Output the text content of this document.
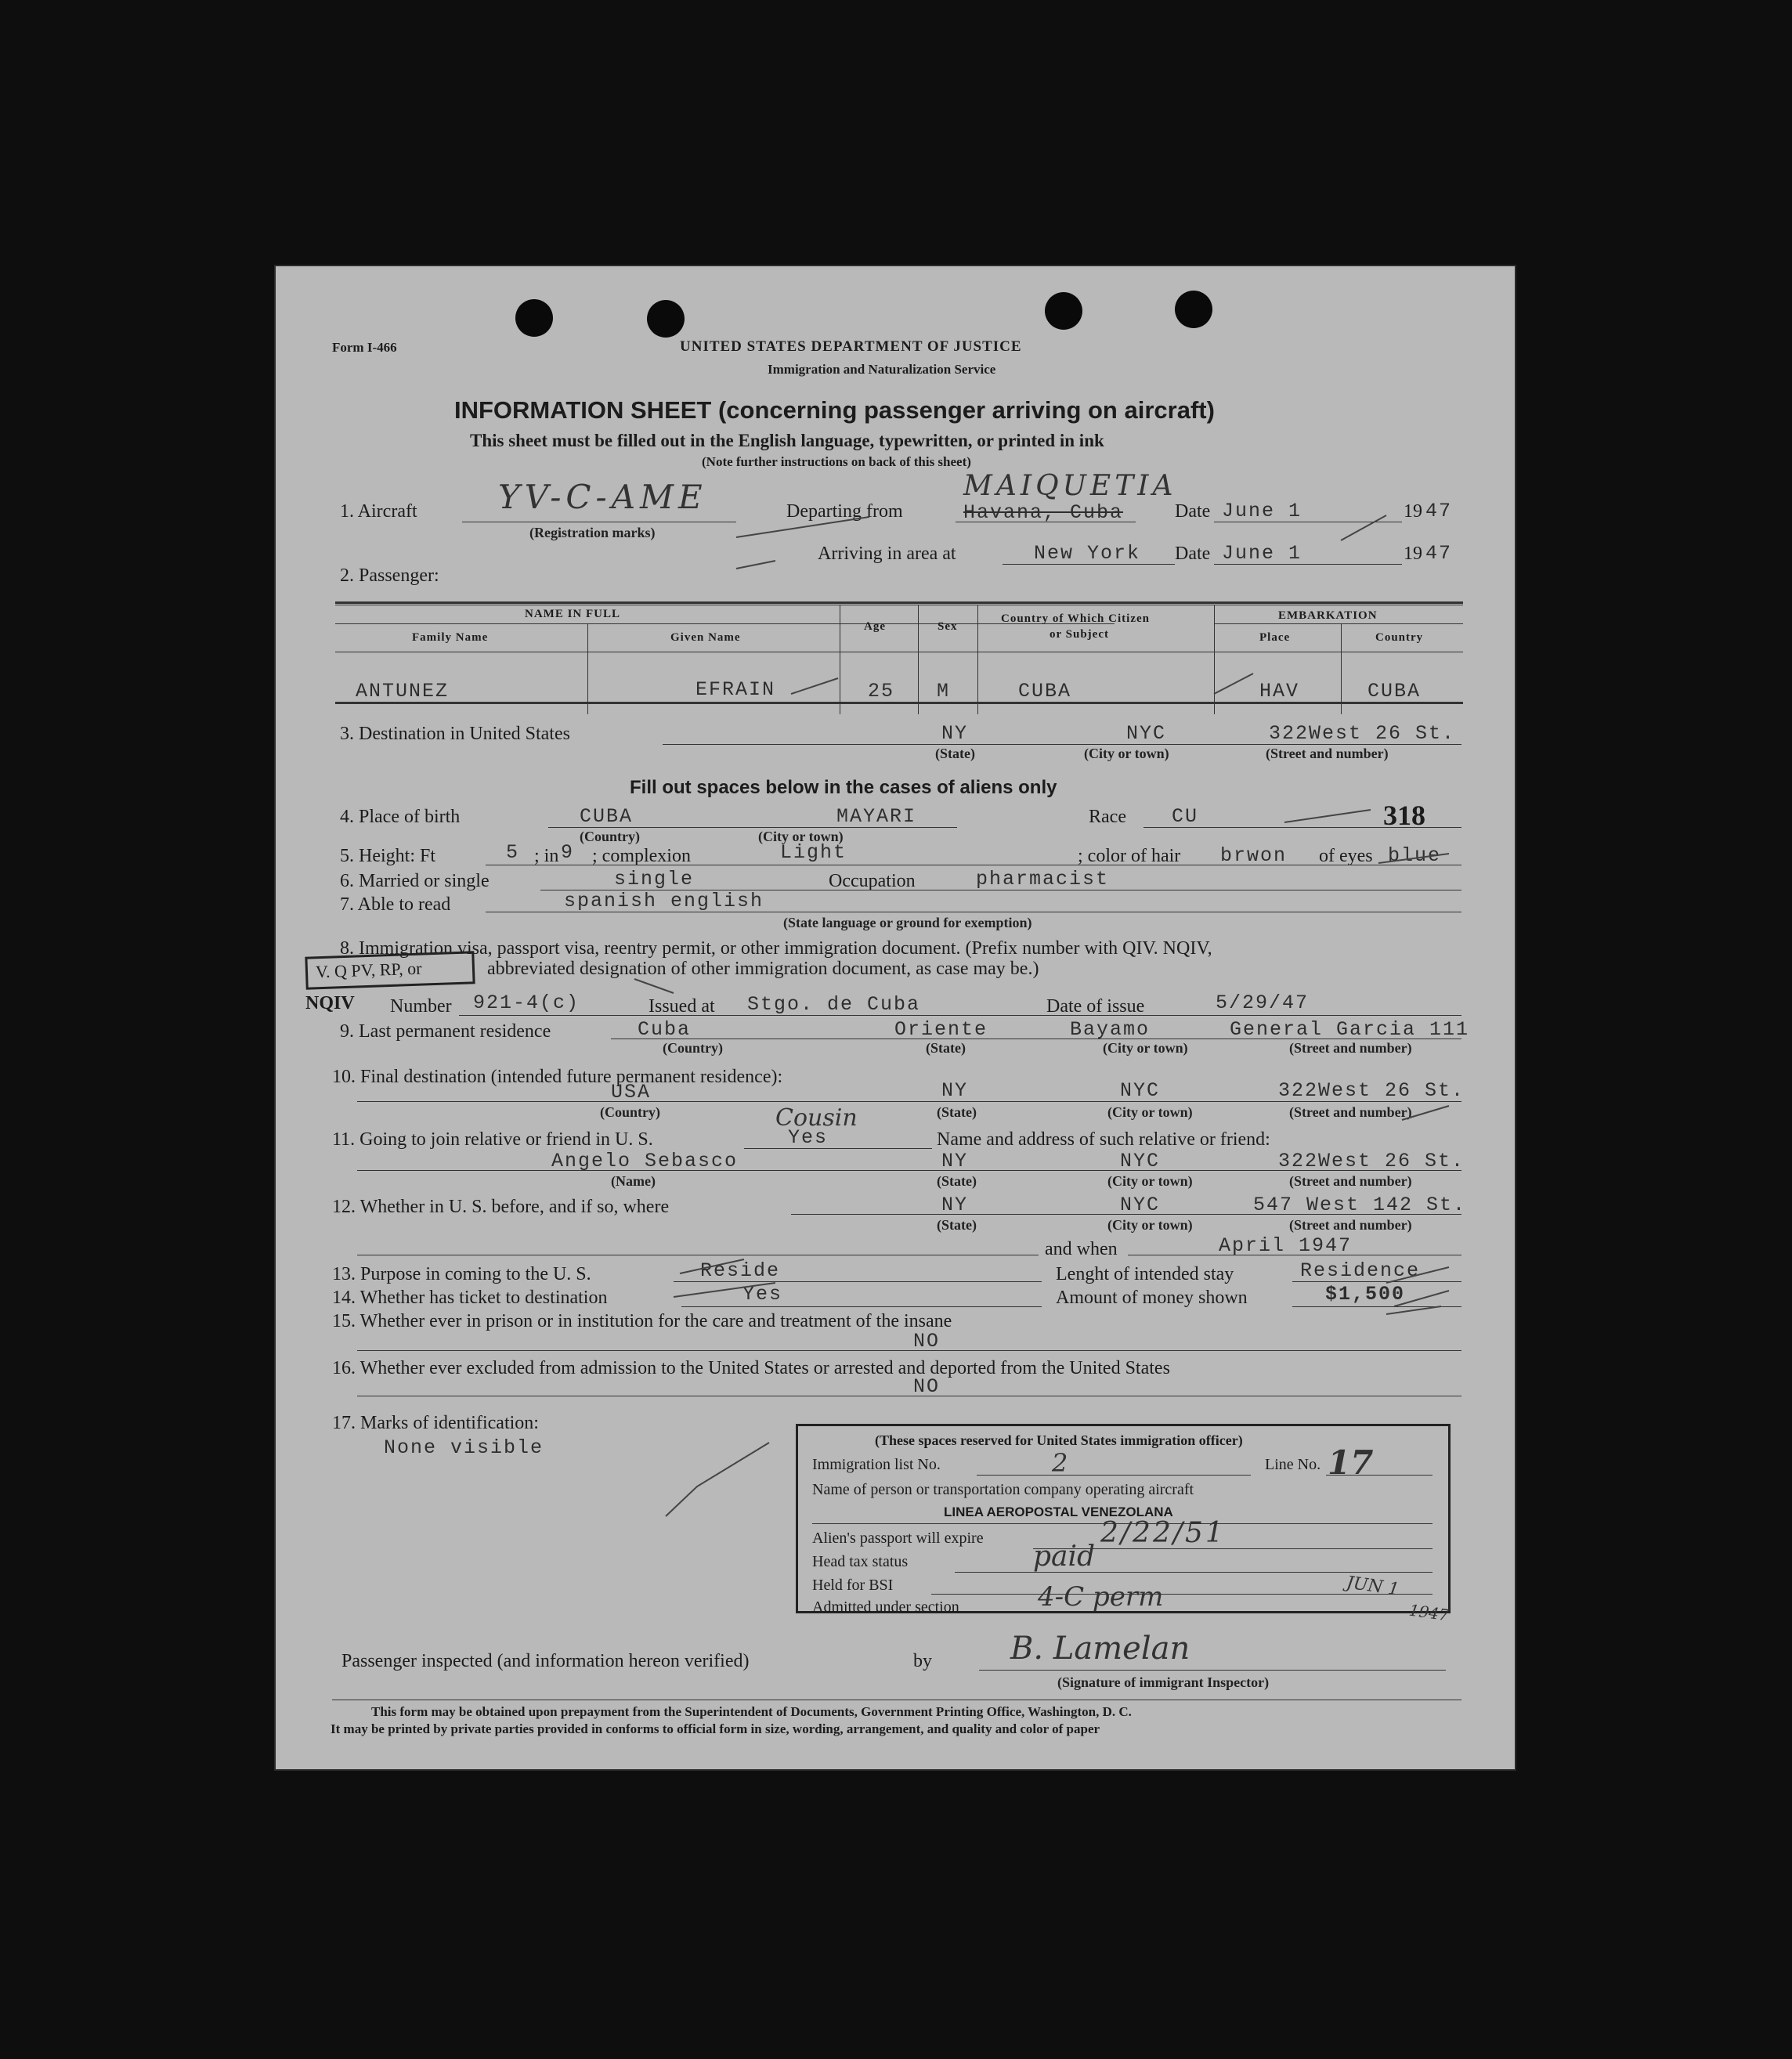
Form I-466	UNITED STATES DEPARTMENT OF JUSTICE
Immigration and Naturalization Service
INFORMATION SHEET (concerning passenger arriving on aircraft)
This sheet must be filled out in the English language, typewritten, or printed in ink
(Note further instructions on back of this sheet)
1. Aircraft YV-C-AME
(Registration marks)
Departing from	Havana, Cuba
MAIQUETIA
Date June 1	19 47
Arriving in area at	New York Date June 1	19 47
2. Passenger:
NAME IN FULL
Family Name	Given Name
Age	Sex
Country of Which Citizen
or Subject
EMBARKATION
Place	Country
ANTUNEZ	EFRAIN	25 M	CUBA	HAV	CUBA
3. Destination in United States	NY	NYC	322West 26 St.
(State)	(City or town)	(Street and number)
Fill out spaces below in the cases of aliens only
4. Place of birth	CUBA	MAYARI
(Country)	(City or town)
Race CU	318
5. Height: Ft	5 ; in 9 ; complexion	Light	; color of hair brwon of eyes blue
6. Married or single	single	Occupation	pharmacist
7. Able to read	spanish english
(State language or ground for exemption)
8. Immigration visa, passport visa, reentry permit, or other immigration document. (Prefix number with QIV. NQIV,
V. Q PV, RP, or	abbreviated designation of other immigration document, as case may be.)
NQIV Number 921-4(c)	Issued at Stgo. de Cuba	Date of issue	5/29/47
9. Last permanent residence	Cuba	Oriente	Bayamo	General Garcia 111
(Country)	(State)	(City or town)	(Street and number)
10. Final destination (intended future permanent residence):
USA	NY	NYC	322West 26 St.
(Country)	(State)	(City or town)	(Street and number)
11. Going to join relative or friend in U. S.
Cousin
Yes	Name and address of such relative or friend:
Angelo Sebasco	NY	NYC	322West 26 St.
(Name)	(State)	(City or town)	(Street and number)
12. Whether in U. S. before, and if so, where	NY	NYC	547 West 142 St.
(State)	(City or town)	(Street and number)
and when	April 1947
13. Purpose in coming to the U. S.	Reside	Lenght of intended stay	Residence
14. Whether has ticket to destination	Yes	Amount of money shown	$1,500
15. Whether ever in prison or in institution for the care and treatment of the insane
NO
16. Whether ever excluded from admission to the United States or arrested and deported from the United States
NO
17. Marks of identification:
None visible	(These spaces reserved for United States immigration officer)
Immigration list No.	2	Line No. 17
Name of person or transportation company operating aircraft
LINEA AEROPOSTAL VENEZOLANA
Alien's passport will expire	2/22/51
Head tax status	paid
Held for BSI
Admitted under section	4-C perm	JUN 1
1947
Passenger inspected (and information hereon verified)	by	B. Lamelan
(Signature of immigrant Inspector)
This form may be obtained upon prepayment from the Superintendent of Documents, Government Printing Office, Washington, D. C.
It may be printed by private parties provided in conforms to official form in size, wording, arrangement, and quality and color of paper
